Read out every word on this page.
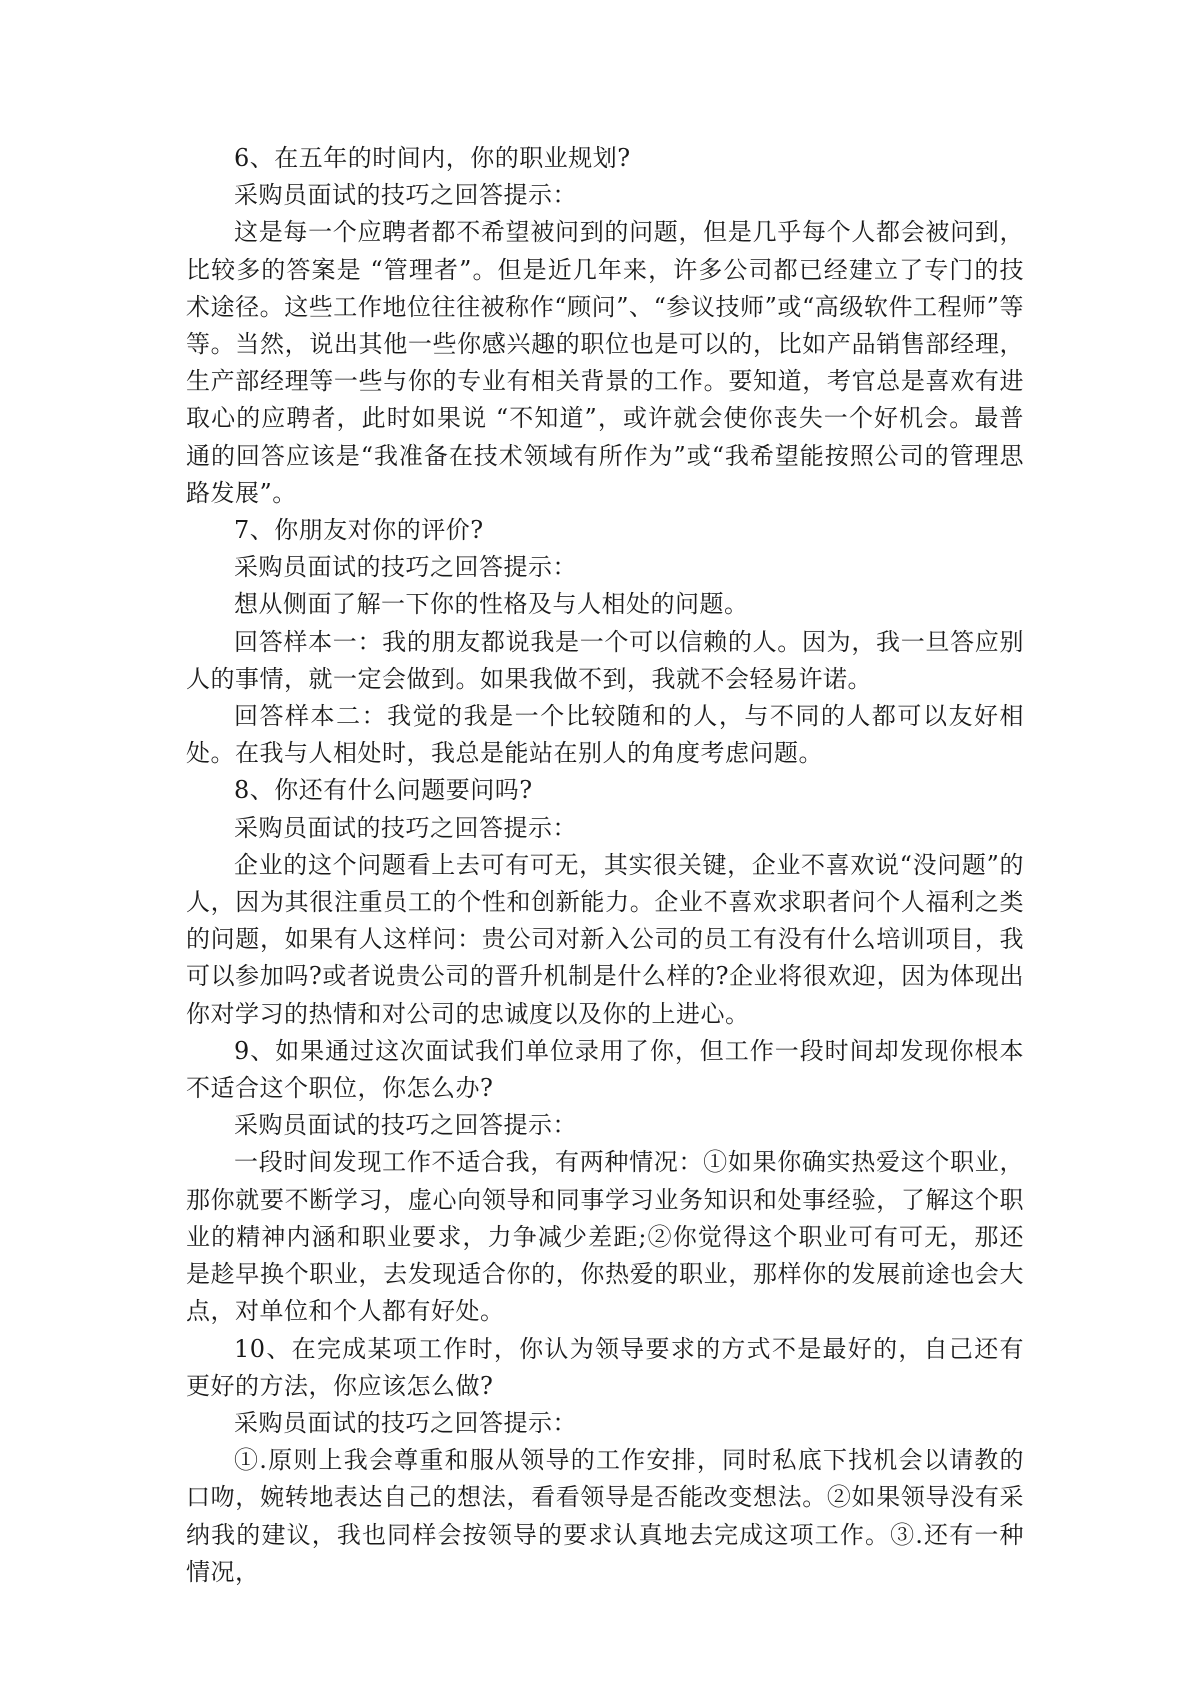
6、在五年的时间内，你的职业规划?

采购员面试的技巧之回答提示：

这是每一个应聘者都不希望被问到的问题，但是几乎每个人都会被问到，比较多的答案是 “管理者”。但是近几年来，许多公司都已经建立了专门的技术途径。这些工作地位往往被称作“顾问”、“参议技师”或“高级软件工程师”等等。当然，说出其他一些你感兴趣的职位也是可以的，比如产品销售部经理，生产部经理等一些与你的专业有相关背景的工作。要知道，考官总是喜欢有进取心的应聘者，此时如果说 “不知道”，或许就会使你丧失一个好机会。最普通的回答应该是“我准备在技术领域有所作为”或“我希望能按照公司的管理思路发展”。

7、你朋友对你的评价?

采购员面试的技巧之回答提示：

想从侧面了解一下你的性格及与人相处的问题。

回答样本一：我的朋友都说我是一个可以信赖的人。因为，我一旦答应别人的事情，就一定会做到。如果我做不到，我就不会轻易许诺。

回答样本二：我觉的我是一个比较随和的人，与不同的人都可以友好相处。在我与人相处时，我总是能站在别人的角度考虑问题。

8、你还有什么问题要问吗?

采购员面试的技巧之回答提示：

企业的这个问题看上去可有可无，其实很关键，企业不喜欢说“没问题”的人，因为其很注重员工的个性和创新能力。企业不喜欢求职者问个人福利之类的问题，如果有人这样问：贵公司对新入公司的员工有没有什么培训项目，我可以参加吗?或者说贵公司的晋升机制是什么样的?企业将很欢迎，因为体现出你对学习的热情和对公司的忠诚度以及你的上进心。

9、如果通过这次面试我们单位录用了你，但工作一段时间却发现你根本不适合这个职位，你怎么办?

采购员面试的技巧之回答提示：

一段时间发现工作不适合我，有两种情况：①如果你确实热爱这个职业，那你就要不断学习，虚心向领导和同事学习业务知识和处事经验，了解这个职业的精神内涵和职业要求，力争减少差距;②你觉得这个职业可有可无，那还是趁早换个职业，去发现适合你的，你热爱的职业，那样你的发展前途也会大点，对单位和个人都有好处。

10、在完成某项工作时，你认为领导要求的方式不是最好的，自己还有更好的方法，你应该怎么做?

采购员面试的技巧之回答提示：

①.原则上我会尊重和服从领导的工作安排，同时私底下找机会以请教的口吻，婉转地表达自己的想法，看看领导是否能改变想法。②如果领导没有采纳我的建议，我也同样会按领导的要求认真地去完成这项工作。③.还有一种情况，
